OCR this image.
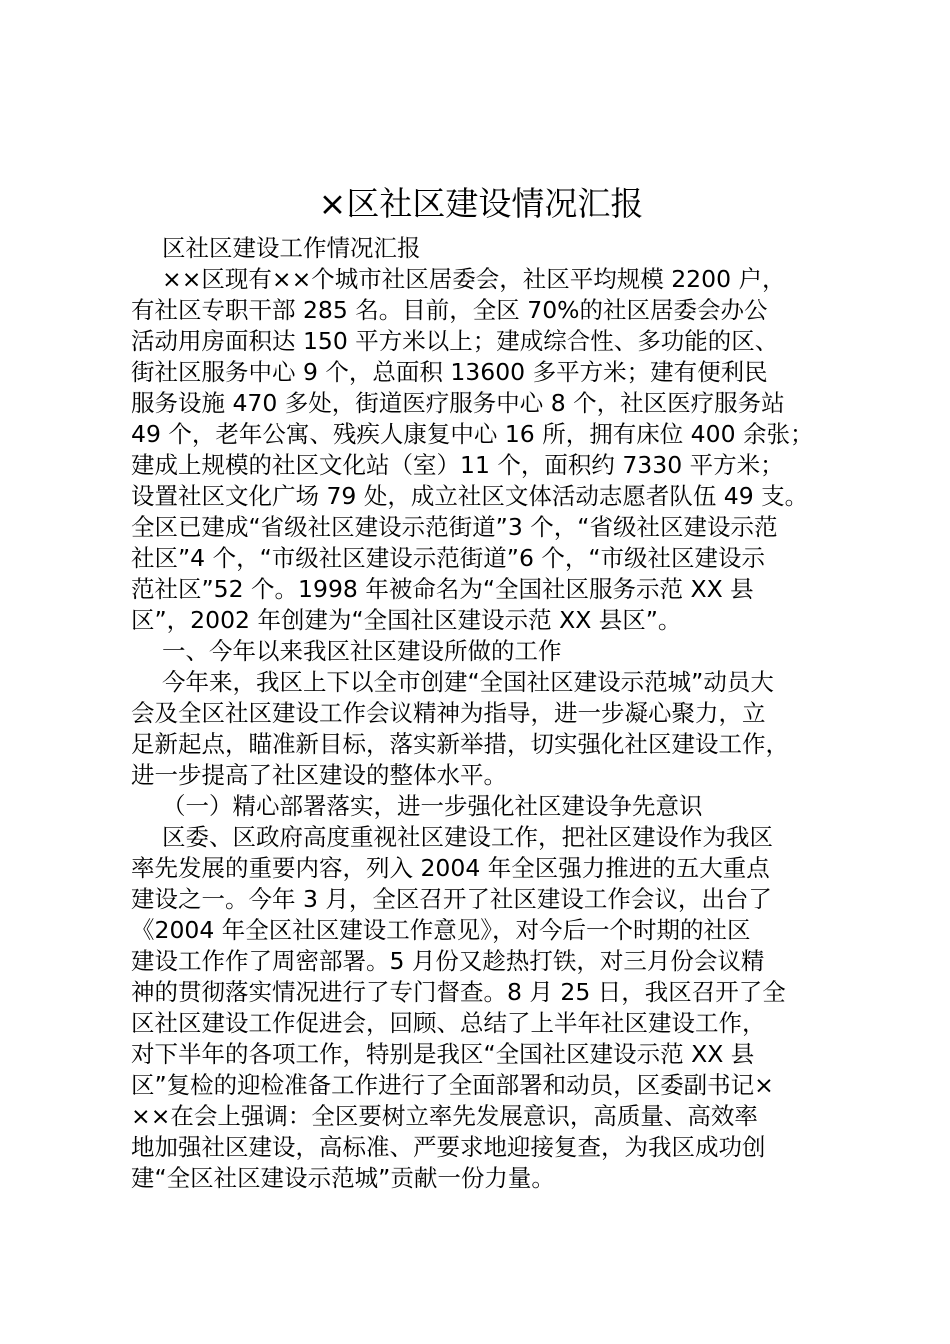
×区社区建设情况汇报
区社区建设工作情况汇报
××区现有××个城市社区居委会，社区平均规模 2200 户，
有社区专职干部 285 名。目前，全区 70%的社区居委会办公
活动用房面积达 150 平方米以上；建成综合性、多功能的区、
街社区服务中心 9 个，总面积 13600 多平方米；建有便利民
服务设施 470 多处，街道医疗服务中心 8 个，社区医疗服务站
49 个，老年公寓、残疾人康复中心 16 所，拥有床位 400 余张；
建成上规模的社区文化站（室）11 个，面积约 7330 平方米；
设置社区文化广场 79 处，成立社区文体活动志愿者队伍 49 支。
全区已建成“省级社区建设示范街道”3 个，“省级社区建设示范
社区”4 个，“市级社区建设示范街道”6 个，“市级社区建设示
范社区”52 个。1998 年被命名为“全国社区服务示范 XX 县
区”，2002 年创建为“全国社区建设示范 XX 县区”。
一、今年以来我区社区建设所做的工作
今年来，我区上下以全市创建“全国社区建设示范城”动员大
会及全区社区建设工作会议精神为指导，进一步凝心聚力，立
足新起点，瞄准新目标，落实新举措，切实强化社区建设工作，
进一步提高了社区建设的整体水平。
（一）精心部署落实，进一步强化社区建设争先意识
区委、区政府高度重视社区建设工作，把社区建设作为我区
率先发展的重要内容，列入 2004 年全区强力推进的五大重点
建设之一。今年 3 月，全区召开了社区建设工作会议，出台了
《2004 年全区社区建设工作意见》，对今后一个时期的社区
建设工作作了周密部署。5 月份又趁热打铁，对三月份会议精
神的贯彻落实情况进行了专门督查。8 月 25 日，我区召开了全
区社区建设工作促进会，回顾、总结了上半年社区建设工作，
对下半年的各项工作，特别是我区“全国社区建设示范 XX 县
区”复检的迎检准备工作进行了全面部署和动员，区委副书记×
××在会上强调：全区要树立率先发展意识，高质量、高效率
地加强社区建设，高标准、严要求地迎接复查，为我区成功创
建“全区社区建设示范城”贡献一份力量。
